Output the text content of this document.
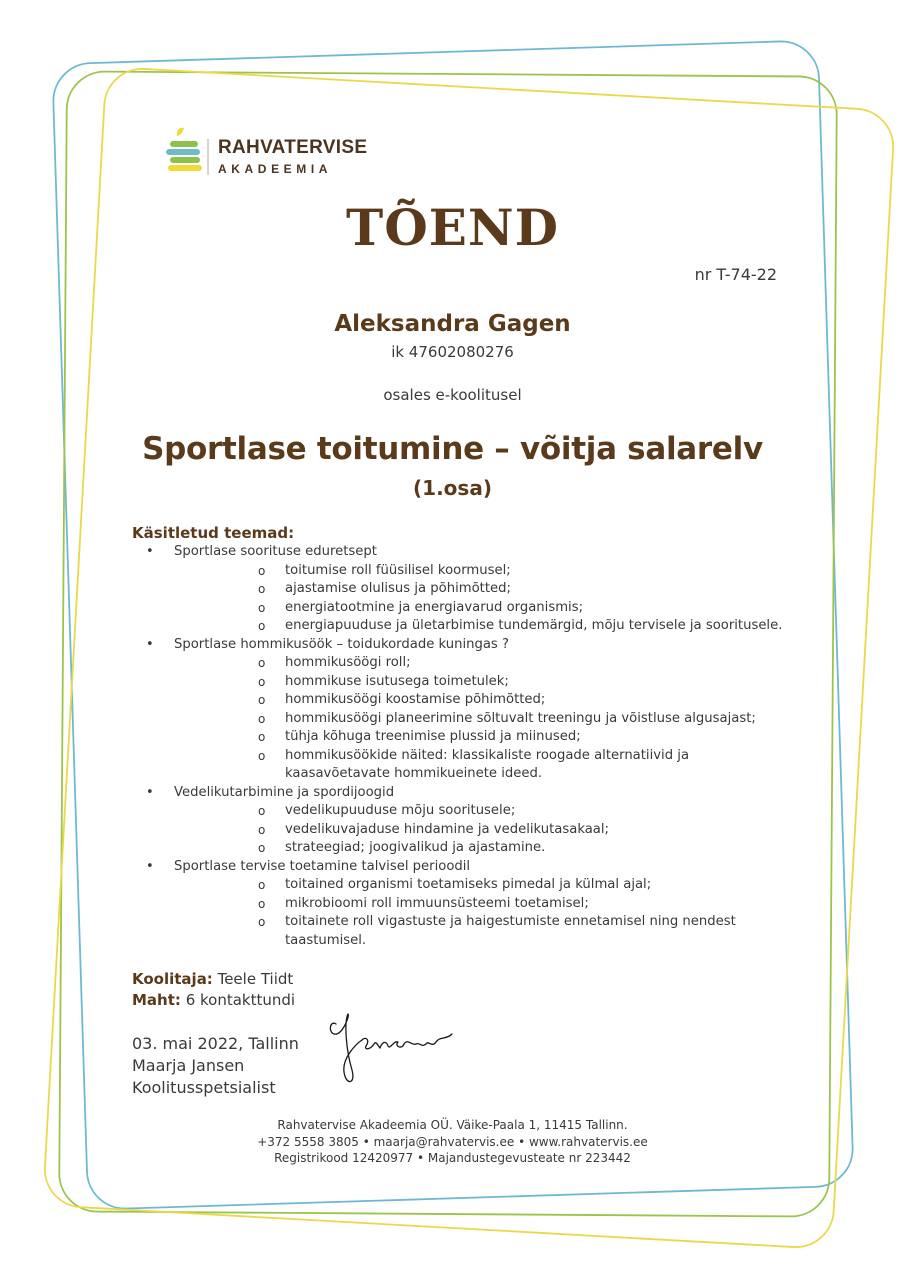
RAHVATERVISE
AKADEEMIA
TÕEND
nr T-74-22
Aleksandra Gagen
ik 47602080276
osales e-koolitusel
Sportlase toitumine – võitja salarelv
(1.osa)
Käsitletud teemad:
• Sportlase sooritusе eduretsept
o toitumise roll füüsilisel koormusel;
o ajastamise olulisus ja põhimõtted;
o energiatootmine ja energiavarud organismis;
o energiapuuduse ja ületarbimise tundemärgid, mõju tervisele ja sooritusele.
• Sportlase hommikusöök – toidukordade kuningas ?
o hommikusöögi roll;
o hommikuse isutusega toimetulek;
o hommikusöögi koostamise põhimõtted;
o hommikusöögi planeerimine sõltuvalt treeningu ja võistluse algusajast;
o tühja kõhuga treenimise plussid ja miinused;
o hommikusöökide näited: klassikaliste roogade alternatiivid ja kaasavõetavate hommikueinete ideed.
• Vedelikutarbimine ja spordijoogid
o vedelikupuuduse mõju sooritusele;
o vedelikuvajaduse hindamine ja vedelikutasakaal;
o strateegiad; joogivalikud ja ajastamine.
• Sportlase tervise toetamine talvisel perioodil
o toitained organismi toetamiseks pimedal ja külmal ajal;
o mikrobioomi roll immuunsüsteemi toetamisel;
o toitainete roll vigastuste ja haigestumiste ennetamisel ning nendest taastumisel.
Koolitaja: Teele Tiidt
Maht: 6 kontakttundi
03. mai 2022, Tallinn
Maarja Jansen
Koolitusspetsialist
Rahvatervise Akadeemia OÜ. Väike-Paala 1, 11415 Tallinn.
+372 5558 3805 • maarja@rahvatervis.ee • www.rahvatervis.ee
Registrikood 12420977 • Majandustegevusteate nr 223442
